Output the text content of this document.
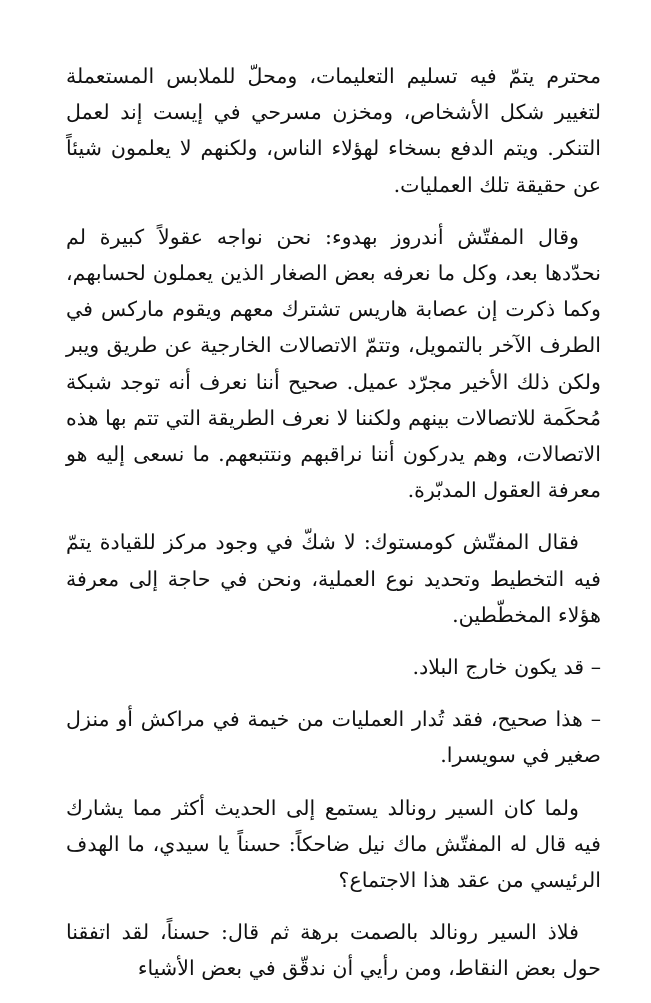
محترم يتمّ فيه تسليم التعليمات، ومحلّ للملابس المستعملة لتغيير شكل الأشخاص، ومخزن مسرحي في إيست إند لعمل التنكر. ويتم الدفع بسخاء لهؤلاء الناس، ولكنهم لا يعلمون شيئاً عن حقيقة تلك العمليات.

وقال المفتّش أندروز بهدوء: نحن نواجه عقولاً كبيرة لم نحدّدها بعد، وكل ما نعرفه بعض الصغار الذين يعملون لحسابهم، وكما ذكرت إن عصابة هاريس تشترك معهم ويقوم ماركس في الطرف الآخر بالتمويل، وتتمّ الاتصالات الخارجية عن طريق ويبر ولكن ذلك الأخير مجرّد عميل. صحيح أننا نعرف أنه توجد شبكة مُحكَمة للاتصالات بينهم ولكننا لا نعرف الطريقة التي تتم بها هذه الاتصالات، وهم يدركون أننا نراقبهم ونتتبعهم. ما نسعى إليه هو معرفة العقول المدبّرة.

فقال المفتّش كومستوك: لا شكّ في وجود مركز للقيادة يتمّ فيه التخطيط وتحديد نوع العملية، ونحن في حاجة إلى معرفة هؤلاء المخطّطين.

– قد يكون خارج البلاد.

– هذا صحيح، فقد تُدار العمليات من خيمة في مراكش أو منزل صغير في سويسرا.

ولما كان السير رونالد يستمع إلى الحديث أكثر مما يشارك فيه قال له المفتّش ماك نيل ضاحكاً: حسناً يا سيدي، ما الهدف الرئيسي من عقد هذا الاجتماع؟

فلاذ السير رونالد بالصمت برهة ثم قال: حسناً، لقد اتفقنا حول بعض النقاط، ومن رأيي أن ندقّق في بعض الأشياء
